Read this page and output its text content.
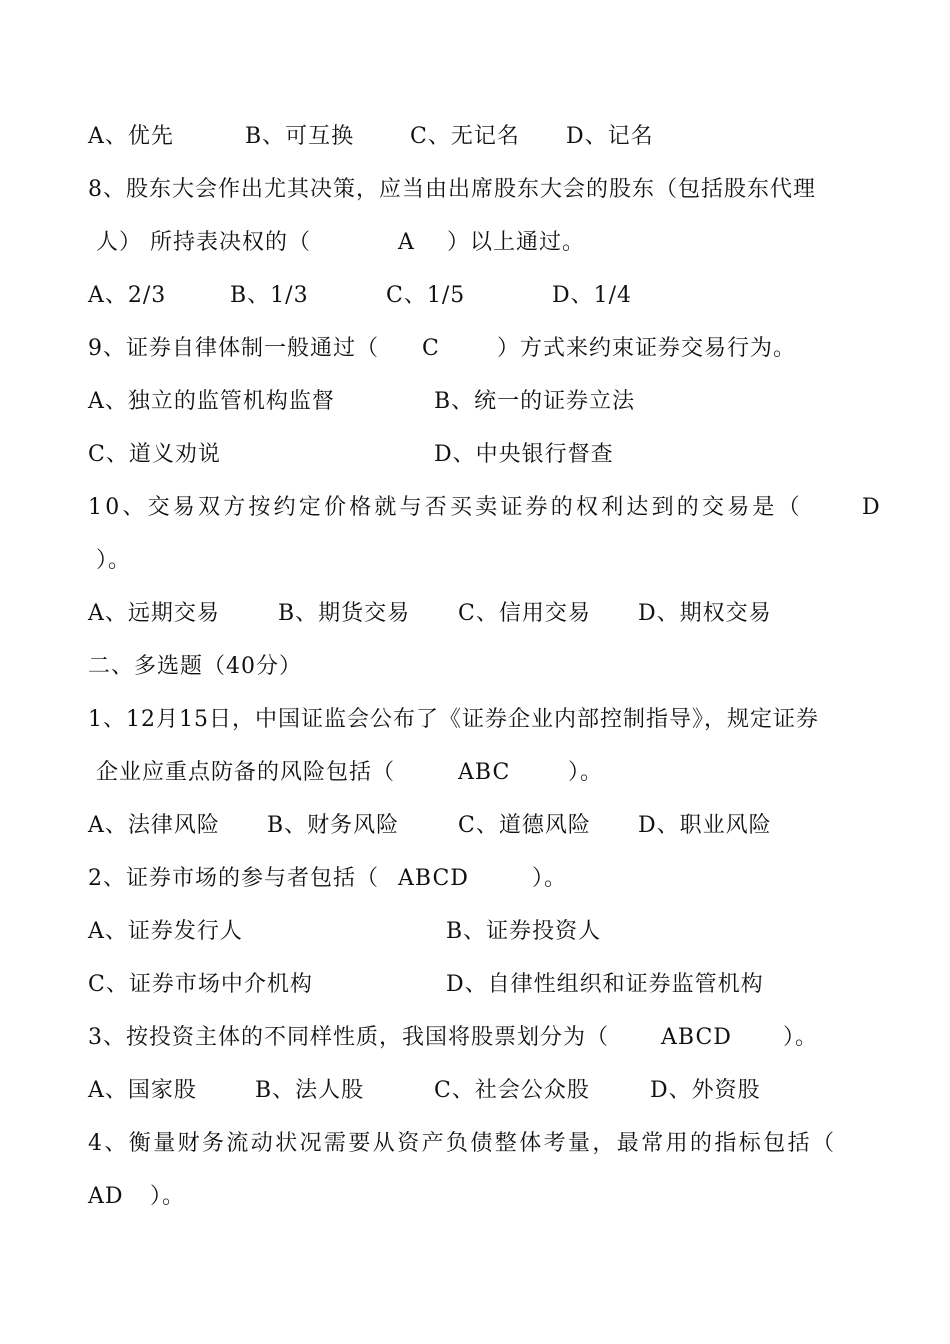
A、优先

	B、可互换

	C、无记名

D、记名

8、股东大会作出尤其决策，应当由出席股东大会的股东（包括股东代理

人） 所持表决权的（

	A

）以上通过。

A、2/3

	B、1/3

	C、1/5

	D、1/4

9、证券自律体制一般通过（

C

	）方式来约束证券交易行为。

A、独立的监管机构监督

	B、统一的证券立法

C、道义劝说

	D、中央银行督查

10、交易双方按约定价格就与否买卖证券的权利达到的交易是（

	D

）。

A、远期交易

	B、期货交易

C、信用交易

D、期权交易

二、多选题（40分）
1、12月15日，中国证监会公布了《证券企业内部控制指导》，规定证券

企业应重点防备的风险包括（

	ABC

	）。

A、法律风险

B、财务风险

	C、道德风险

D、职业风险

2、证券市场的参与者包括（

ABCD

	）。

A、证券发行人

	B、证券投资人

C、证券市场中介机构

	D、自律性组织和证券监管机构

3、按投资主体的不同样性质，我国将股票划分为（

ABCD

）。

A、国家股

	B、法人股

	C、社会公众股

	D、外资股

4、衡量财务流动状况需要从资产负债整体考量，最常用的指标包括（

AD

）。
